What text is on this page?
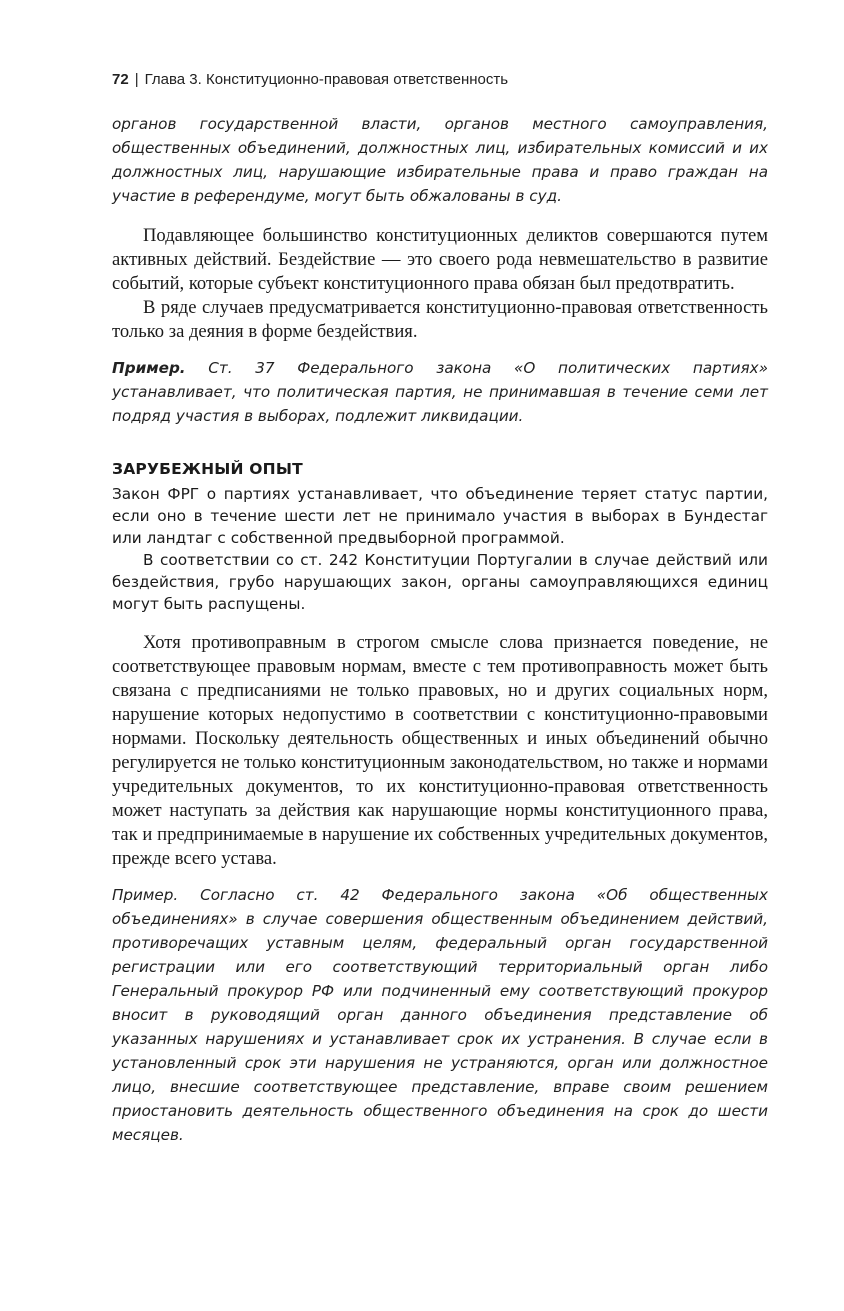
72 | Глава 3. Конституционно-правовая ответственность

органов государственной власти, органов местного самоуправления, общественных объединений, должностных лиц, избирательных комиссий и их должностных лиц, нарушающие избирательные права и право граждан на участие в референдуме, могут быть обжалованы в суд.

Подавляющее большинство конституционных деликтов совершаются путем активных действий. Бездействие — это своего рода невмешательство в развитие событий, которые субъект конституционного права обязан был предотвратить.

В ряде случаев предусматривается конституционно-правовая ответственность только за деяния в форме бездействия.

Пример. Ст. 37 Федерального закона «О политических партиях» устанавливает, что политическая партия, не принимавшая в течение семи лет подряд участия в выборах, подлежит ликвидации.

ЗАРУБЕЖНЫЙ ОПЫТ

Закон ФРГ о партиях устанавливает, что объединение теряет статус партии, если оно в течение шести лет не принимало участия в выборах в Бундестаг или ландтаг с собственной предвыборной программой.

В соответствии со ст. 242 Конституции Португалии в случае действий или бездействия, грубо нарушающих закон, органы самоуправляющихся единиц могут быть распущены.

Хотя противоправным в строгом смысле слова признается поведение, не соответствующее правовым нормам, вместе с тем противоправность может быть связана с предписаниями не только правовых, но и других социальных норм, нарушение которых недопустимо в соответствии с конституционно-правовыми нормами. Поскольку деятельность общественных и иных объединений обычно регулируется не только конституционным законодательством, но также и нормами учредительных документов, то их конституционно-правовая ответственность может наступать за действия как нарушающие нормы конституционного права, так и предпринимаемые в нарушение их собственных учредительных документов, прежде всего устава.

Пример. Согласно ст. 42 Федерального закона «Об общественных объединениях» в случае совершения общественным объединением действий, противоречащих уставным целям, федеральный орган государственной регистрации или его соответствующий территориальный орган либо Генеральный прокурор РФ или подчиненный ему соответствующий прокурор вносит в руководящий орган данного объединения представление об указанных нарушениях и устанавливает срок их устранения. В случае если в установленный срок эти нарушения не устраняются, орган или должностное лицо, внесшие соответствующее представление, вправе своим решением приостановить деятельность общественного объединения на срок до шести месяцев.
